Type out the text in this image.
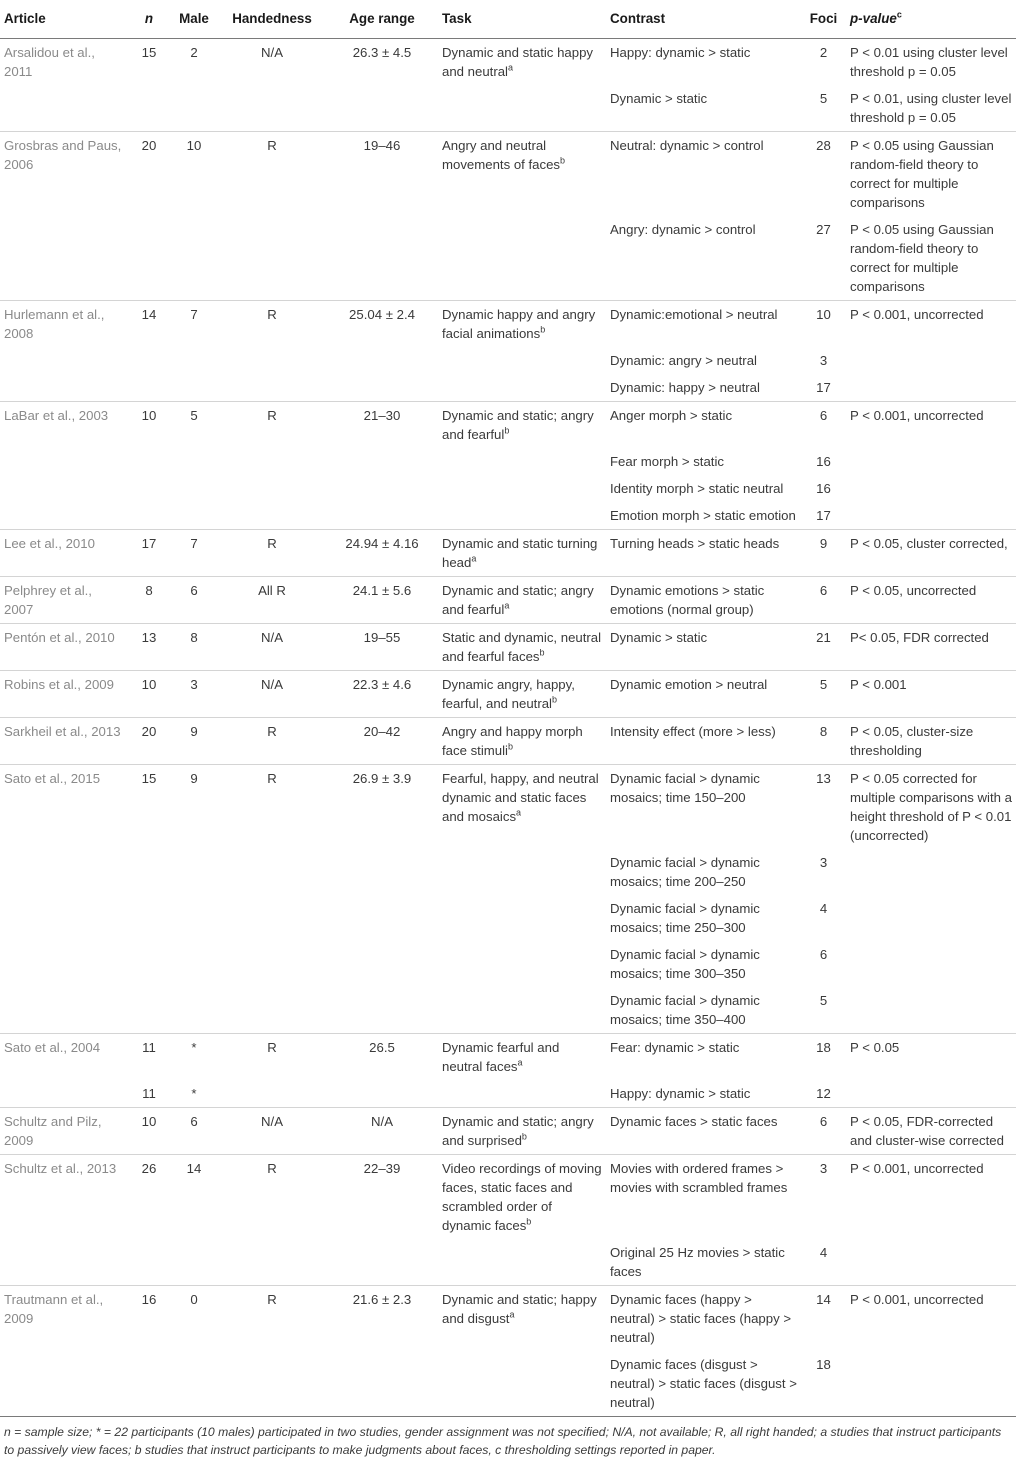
Article	n	Male	Handedness	Age range	Task	Contrast	Foci	p-value$^c$
Arsalidou et al., 2011	15	2	N/A	26.3 ± 4.5	Dynamic and static happy and neutral$^a$	Happy: dynamic > static	2	P < 0.01 using cluster level threshold p = 0.05
						Dynamic > static	5	P < 0.01, using cluster level threshold p = 0.05
Grosbras and Paus, 2006	20	10	R	19–46	Angry and neutral movements of faces$^b$	Neutral: dynamic > control	28	P < 0.05 using Gaussian random-field theory to correct for multiple comparisons
						Angry: dynamic > control	27	P < 0.05 using Gaussian random-field theory to correct for multiple comparisons
Hurlemann et al., 2008	14	7	R	25.04 ± 2.4	Dynamic happy and angry facial animations$^b$	Dynamic:emotional > neutral	10	P < 0.001, uncorrected
						Dynamic: angry > neutral	3	
						Dynamic: happy > neutral	17	
LaBar et al., 2003	10	5	R	21–30	Dynamic and static; angry and fearful$^b$	Anger morph > static	6	P < 0.001, uncorrected
						Fear morph > static	16	
						Identity morph > static neutral	16	
						Emotion morph > static emotion	17	
Lee et al., 2010	17	7	R	24.94 ± 4.16	Dynamic and static turning head$^a$	Turning heads > static heads	9	P < 0.05, cluster corrected,
Pelphrey et al., 2007	8	6	All R	24.1 ± 5.6	Dynamic and static; angry and fearful$^a$	Dynamic emotions > static emotions (normal group)	6	P < 0.05, uncorrected
Pentón et al., 2010	13	8	N/A	19–55	Static and dynamic, neutral and fearful faces$^b$	Dynamic > static	21	P< 0.05, FDR corrected
Robins et al., 2009	10	3	N/A	22.3 ± 4.6	Dynamic angry, happy, fearful, and neutral$^b$	Dynamic emotion > neutral	5	P < 0.001
Sarkheil et al., 2013	20	9	R	20–42	Angry and happy morph face stimuli$^b$	Intensity effect (more > less)	8	P < 0.05, cluster-size thresholding
Sato et al., 2015	15	9	R	26.9 ± 3.9	Fearful, happy, and neutral dynamic and static faces and mosaics$^a$	Dynamic facial > dynamic mosaics; time 150–200	13	P < 0.05 corrected for multiple comparisons with a height threshold of P < 0.01 (uncorrected)
						Dynamic facial > dynamic mosaics; time 200–250	3	
						Dynamic facial > dynamic mosaics; time 250–300	4	
						Dynamic facial > dynamic mosaics; time 300–350	6	
						Dynamic facial > dynamic mosaics; time 350–400	5	
Sato et al., 2004	11	*	R	26.5	Dynamic fearful and neutral faces$^a$	Fear: dynamic > static	18	P < 0.05
	11	*				Happy: dynamic > static	12	
Schultz and Pilz, 2009	10	6	N/A	N/A	Dynamic and static; angry and surprised$^b$	Dynamic faces > static faces	6	P < 0.05, FDR-corrected and cluster-wise corrected
Schultz et al., 2013	26	14	R	22–39	Video recordings of moving faces, static faces and scrambled order of dynamic faces$^b$	Movies with ordered frames > movies with scrambled frames	3	P < 0.001, uncorrected
						Original 25 Hz movies > static faces	4	
Trautmann et al., 2009	16	0	R	21.6 ± 2.3	Dynamic and static; happy and disgust$^a$	Dynamic faces (happy > neutral) > static faces (happy > neutral)	14	P < 0.001, uncorrected
						Dynamic faces (disgust > neutral) > static faces (disgust > neutral)	18	
n = sample size; * = 22 participants (10 males) participated in two studies, gender assignment was not specified; N/A, not available; R, all right handed; a studies that instruct participants to passively view faces; b studies that instruct participants to make judgments about faces, c thresholding settings reported in paper.
